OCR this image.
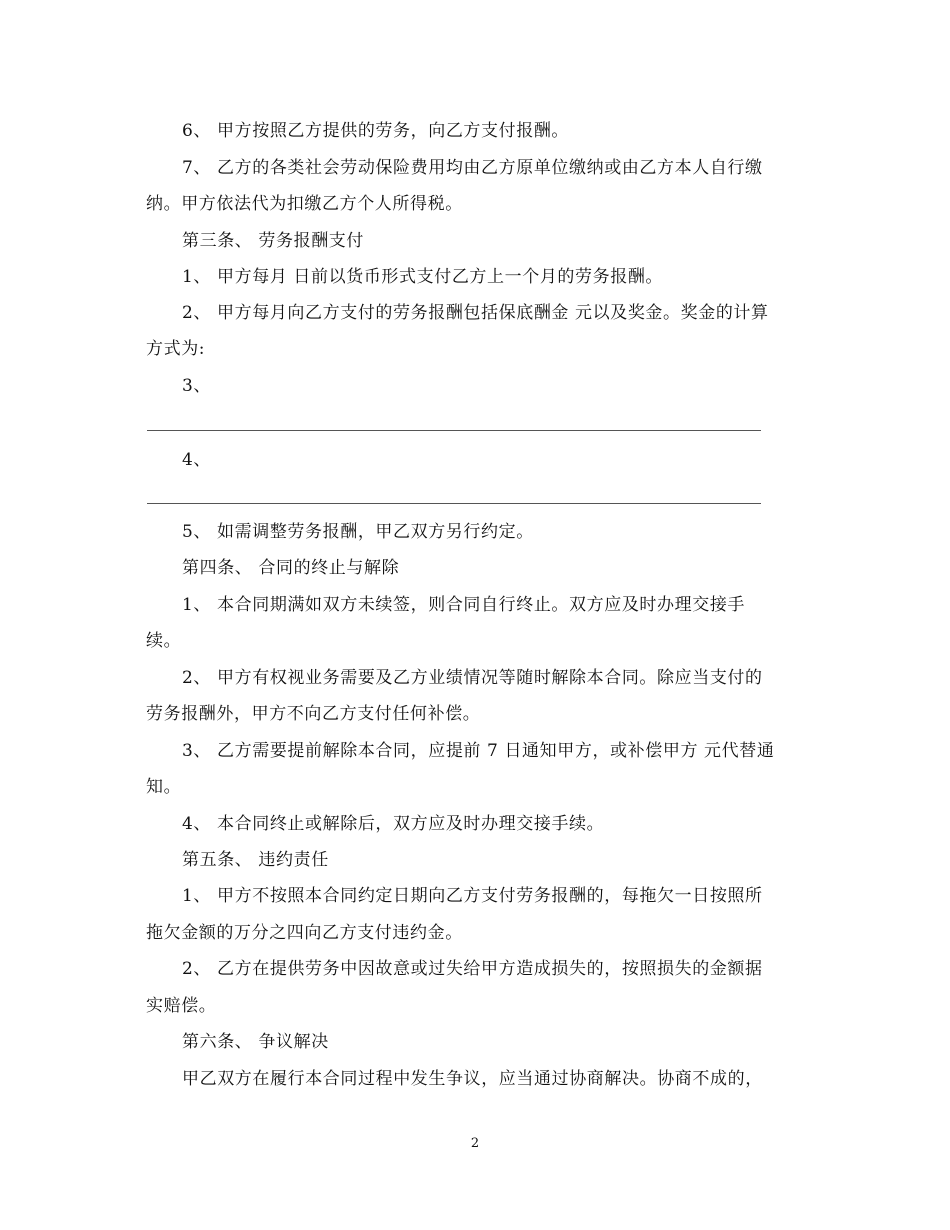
6、 甲方按照乙方提供的劳务，向乙方支付报酬。
7、 乙方的各类社会劳动保险费用均由乙方原单位缴纳或由乙方本人自行缴
纳。甲方依法代为扣缴乙方个人所得税。
第三条、 劳务报酬支付
1、 甲方每月 日前以货币形式支付乙方上一个月的劳务报酬。
2、 甲方每月向乙方支付的劳务报酬包括保底酬金 元以及奖金。奖金的计算
方式为:
3、
4、
5、 如需调整劳务报酬，甲乙双方另行约定。
第四条、 合同的终止与解除
1、 本合同期满如双方未续签，则合同自行终止。双方应及时办理交接手
续。
2、 甲方有权视业务需要及乙方业绩情况等随时解除本合同。除应当支付的
劳务报酬外，甲方不向乙方支付任何补偿。
3、 乙方需要提前解除本合同，应提前 7 日通知甲方，或补偿甲方 元代替通
知。
4、 本合同终止或解除后，双方应及时办理交接手续。
第五条、 违约责任
1、 甲方不按照本合同约定日期向乙方支付劳务报酬的，每拖欠一日按照所
拖欠金额的万分之四向乙方支付违约金。
2、 乙方在提供劳务中因故意或过失给甲方造成损失的，按照损失的金额据
实赔偿。
第六条、 争议解决
甲乙双方在履行本合同过程中发生争议，应当通过协商解决。协商不成的，
2
